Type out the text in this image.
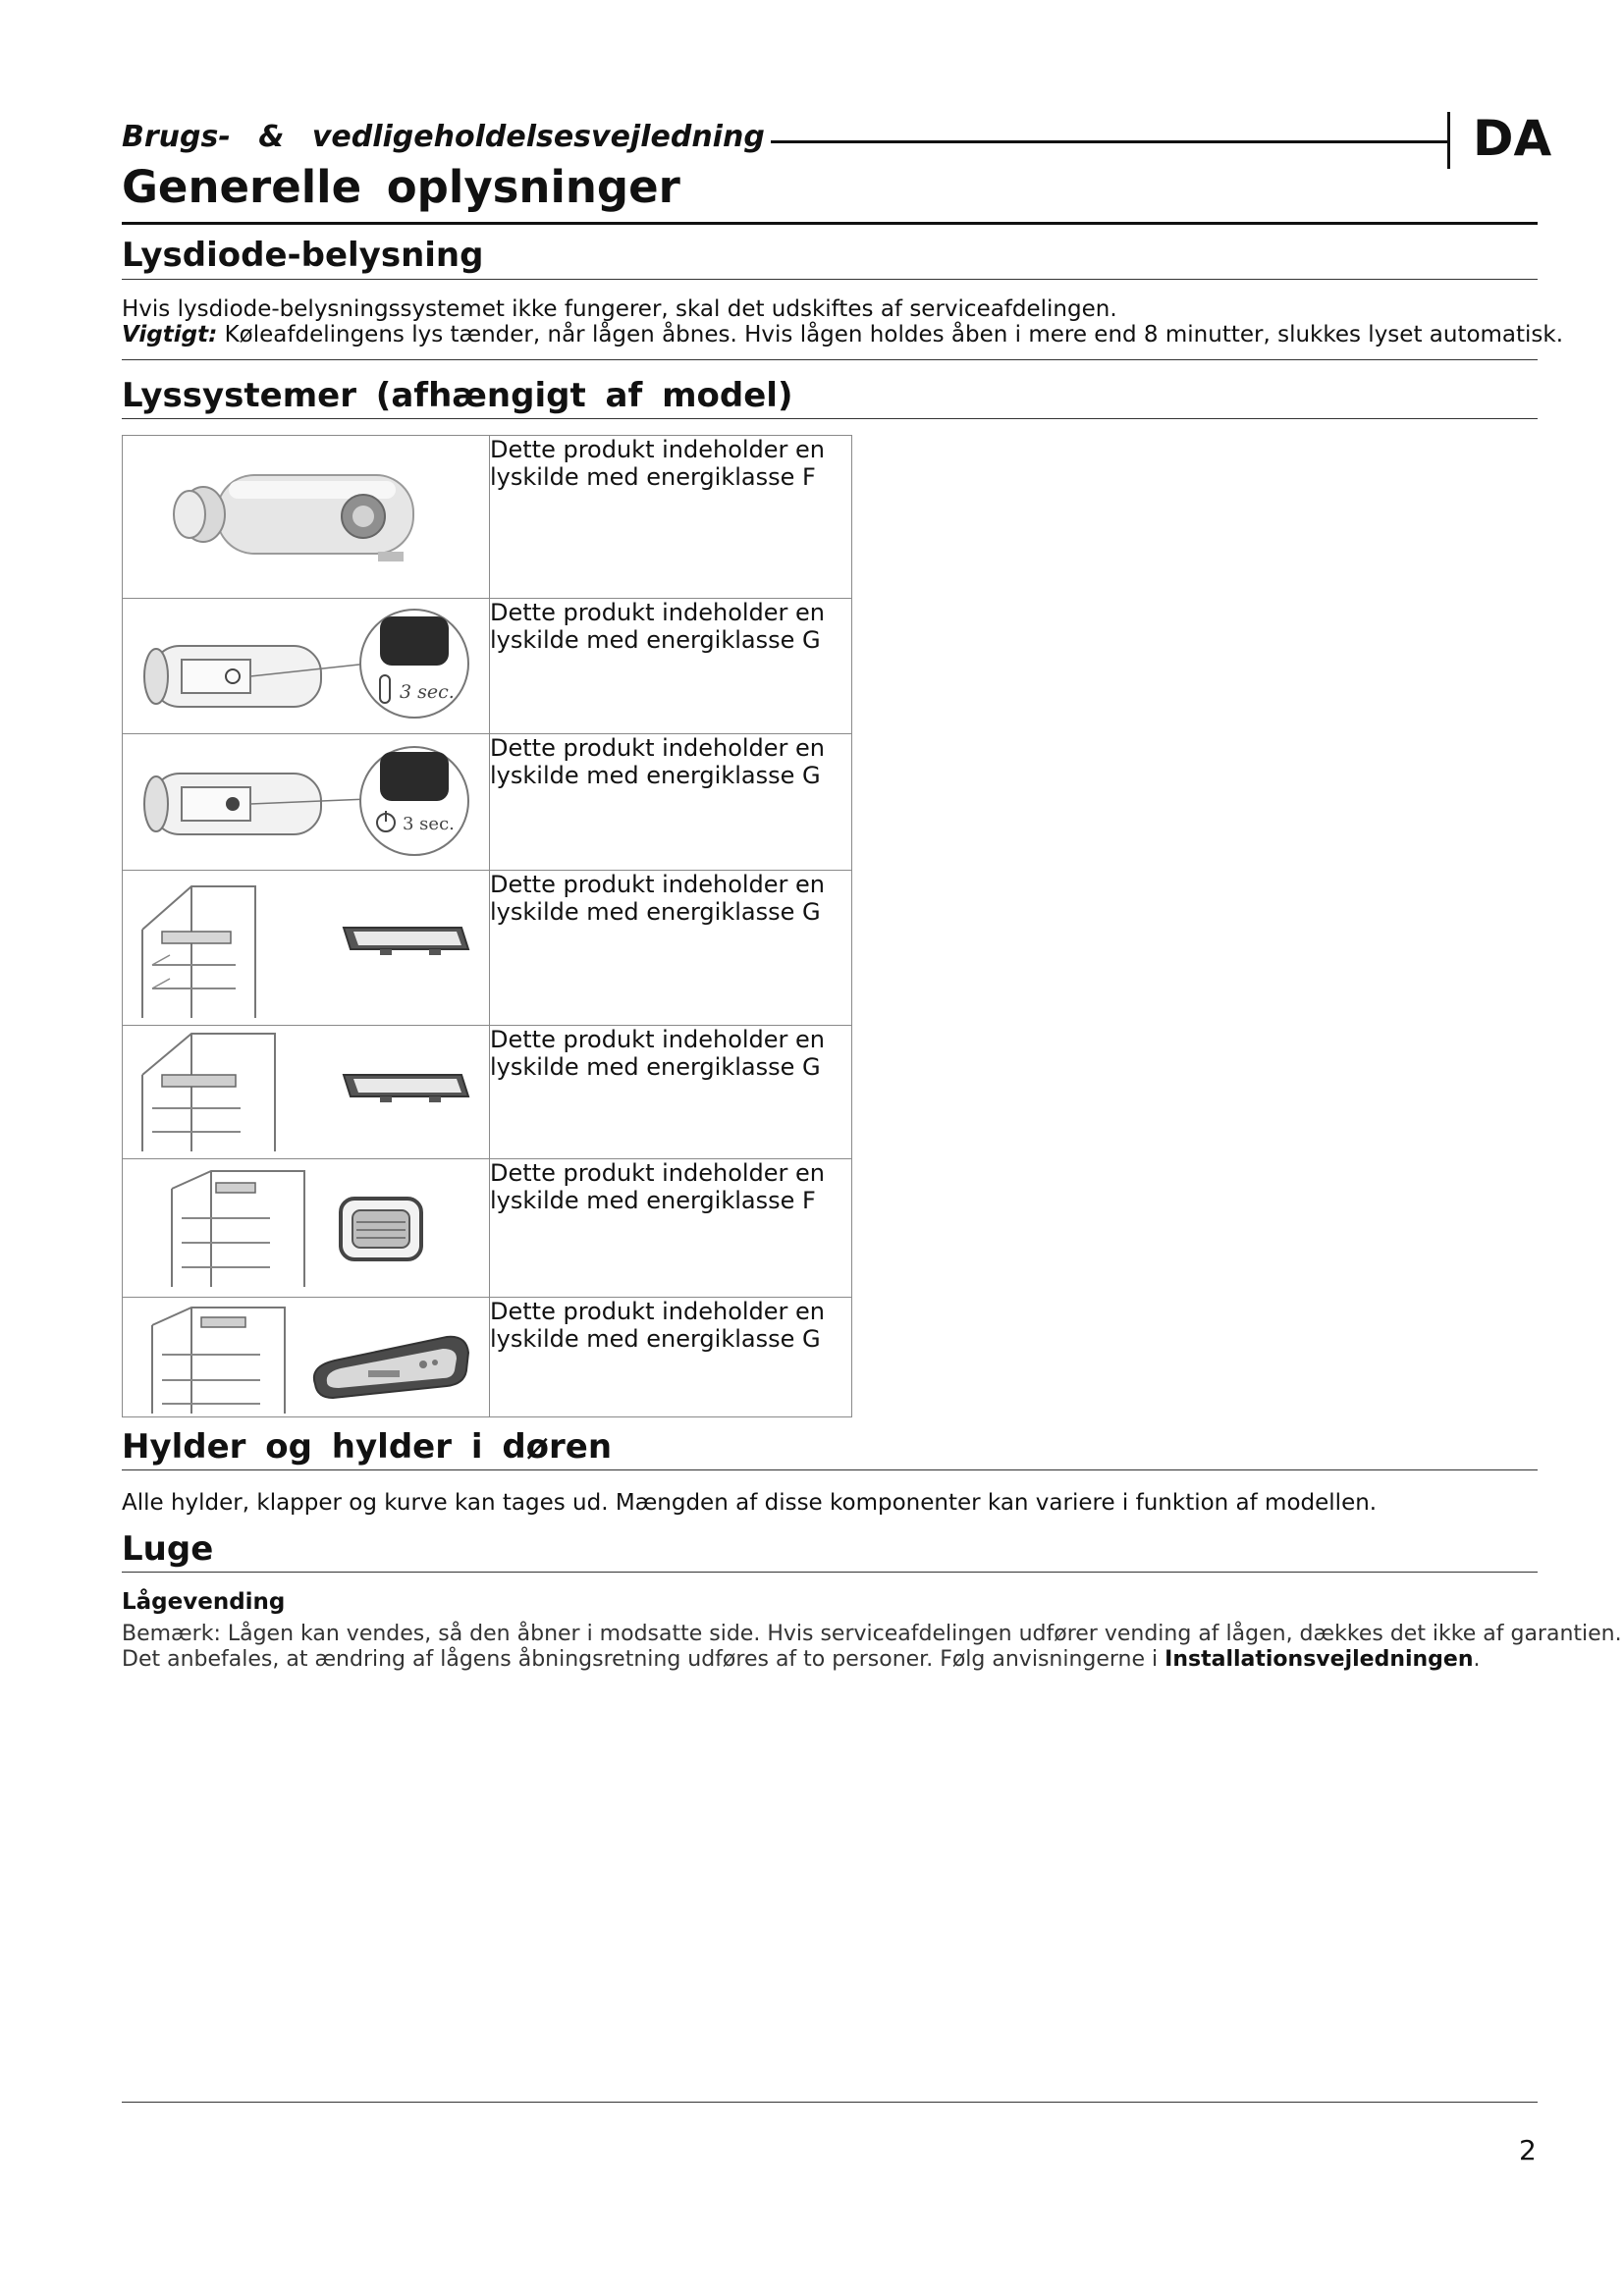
Brugs- & vedligeholdelsesvejledning	DA
Generelle oplysninger
Lysdiode-belysning
Hvis lysdiode-belysningssystemet ikke fungerer, skal det udskiftes af serviceafdelingen.
Vigtigt: Køleafdelingens lys tænder, når lågen åbnes. Hvis lågen holdes åben i mere end 8 minutter, slukkes lyset automatisk.
Lyssystemer (afhængigt af model)

Dette produkt indeholder en
lyskilde med energiklasse F

3 sec.	Dette produkt indeholder en
lyskilde med energiklasse G

3 sec.	Dette produkt indeholder en
lyskilde med energiklasse G

Dette produkt indeholder en
lyskilde med energiklasse G

Dette produkt indeholder en
lyskilde med energiklasse G

Dette produkt indeholder en
lyskilde med energiklasse F

Dette produkt indeholder en
lyskilde med energiklasse G
Hylder og hylder i døren
Alle hylder, klapper og kurve kan tages ud. Mængden af disse komponenter kan variere i funktion af modellen.
Luge
Lågevending
Bemærk: Lågen kan vendes, så den åbner i modsatte side. Hvis serviceafdelingen udfører vending af lågen, dækkes det ikke af garantien.
Det anbefales, at ændring af lågens åbningsretning udføres af to personer. Følg anvisningerne i Installationsvejledningen.
2
